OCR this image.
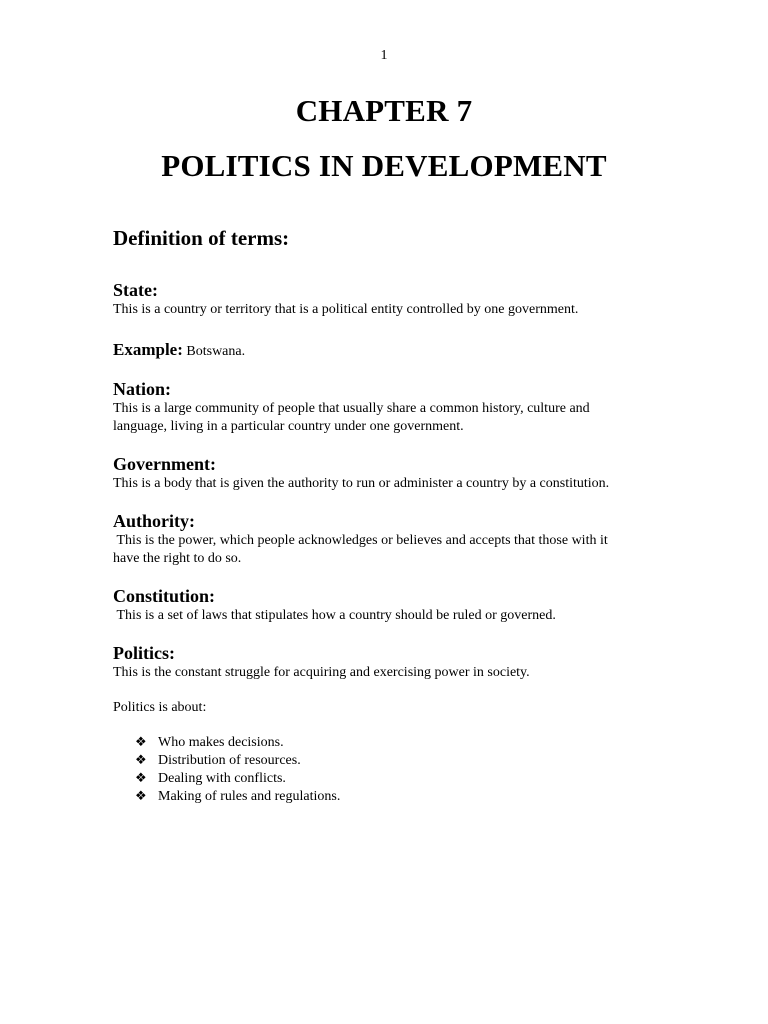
1
CHAPTER 7
POLITICS IN DEVELOPMENT
Definition of terms:

State:

This is a country or territory that is a political entity controlled by one government.

Example: Botswana.

Nation:

This is a large community of people that usually share a common history, culture and
language, living in a particular country under one government.

Government:

This is a body that is given the authority to run or administer a country by a constitution.

Authority:

This is the power, which people acknowledges or believes and accepts that those with it
have the right to do so.

Constitution:

This is a set of laws that stipulates how a country should be ruled or governed.

Politics:

This is the constant struggle for acquiring and exercising power in society.

Politics is about:

❖ Who makes decisions.
❖ Distribution of resources.
❖ Dealing with conflicts.
❖ Making of rules and regulations.
